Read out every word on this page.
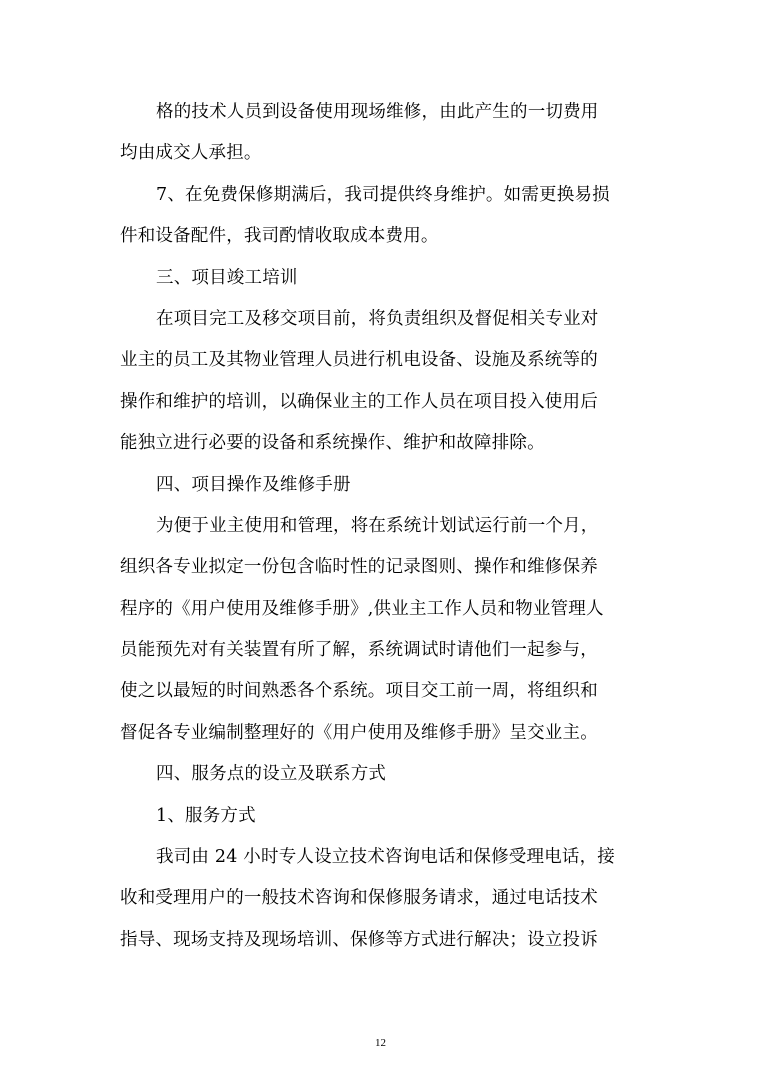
格的技术人员到设备使用现场维修，由此产生的一切费用
均由成交人承担。
7、在免费保修期满后，我司提供终身维护。如需更换易损
件和设备配件，我司酌情收取成本费用。
三、项目竣工培训
在项目完工及移交项目前，将负责组织及督促相关专业对
业主的员工及其物业管理人员进行机电设备、设施及系统等的
操作和维护的培训，以确保业主的工作人员在项目投入使用后
能独立进行必要的设备和系统操作、维护和故障排除。
四、项目操作及维修手册
为便于业主使用和管理，将在系统计划试运行前一个月，
组织各专业拟定一份包含临时性的记录图则、操作和维修保养
程序的《用户使用及维修手册》,供业主工作人员和物业管理人
员能预先对有关装置有所了解，系统调试时请他们一起参与，
使之以最短的时间熟悉各个系统。项目交工前一周，将组织和
督促各专业编制整理好的《用户使用及维修手册》呈交业主。
四、服务点的设立及联系方式
1、服务方式
我司由 24 小时专人设立技术咨询电话和保修受理电话，接
收和受理用户的一般技术咨询和保修服务请求，通过电话技术
指导、现场支持及现场培训、保修等方式进行解决；设立投诉
12
